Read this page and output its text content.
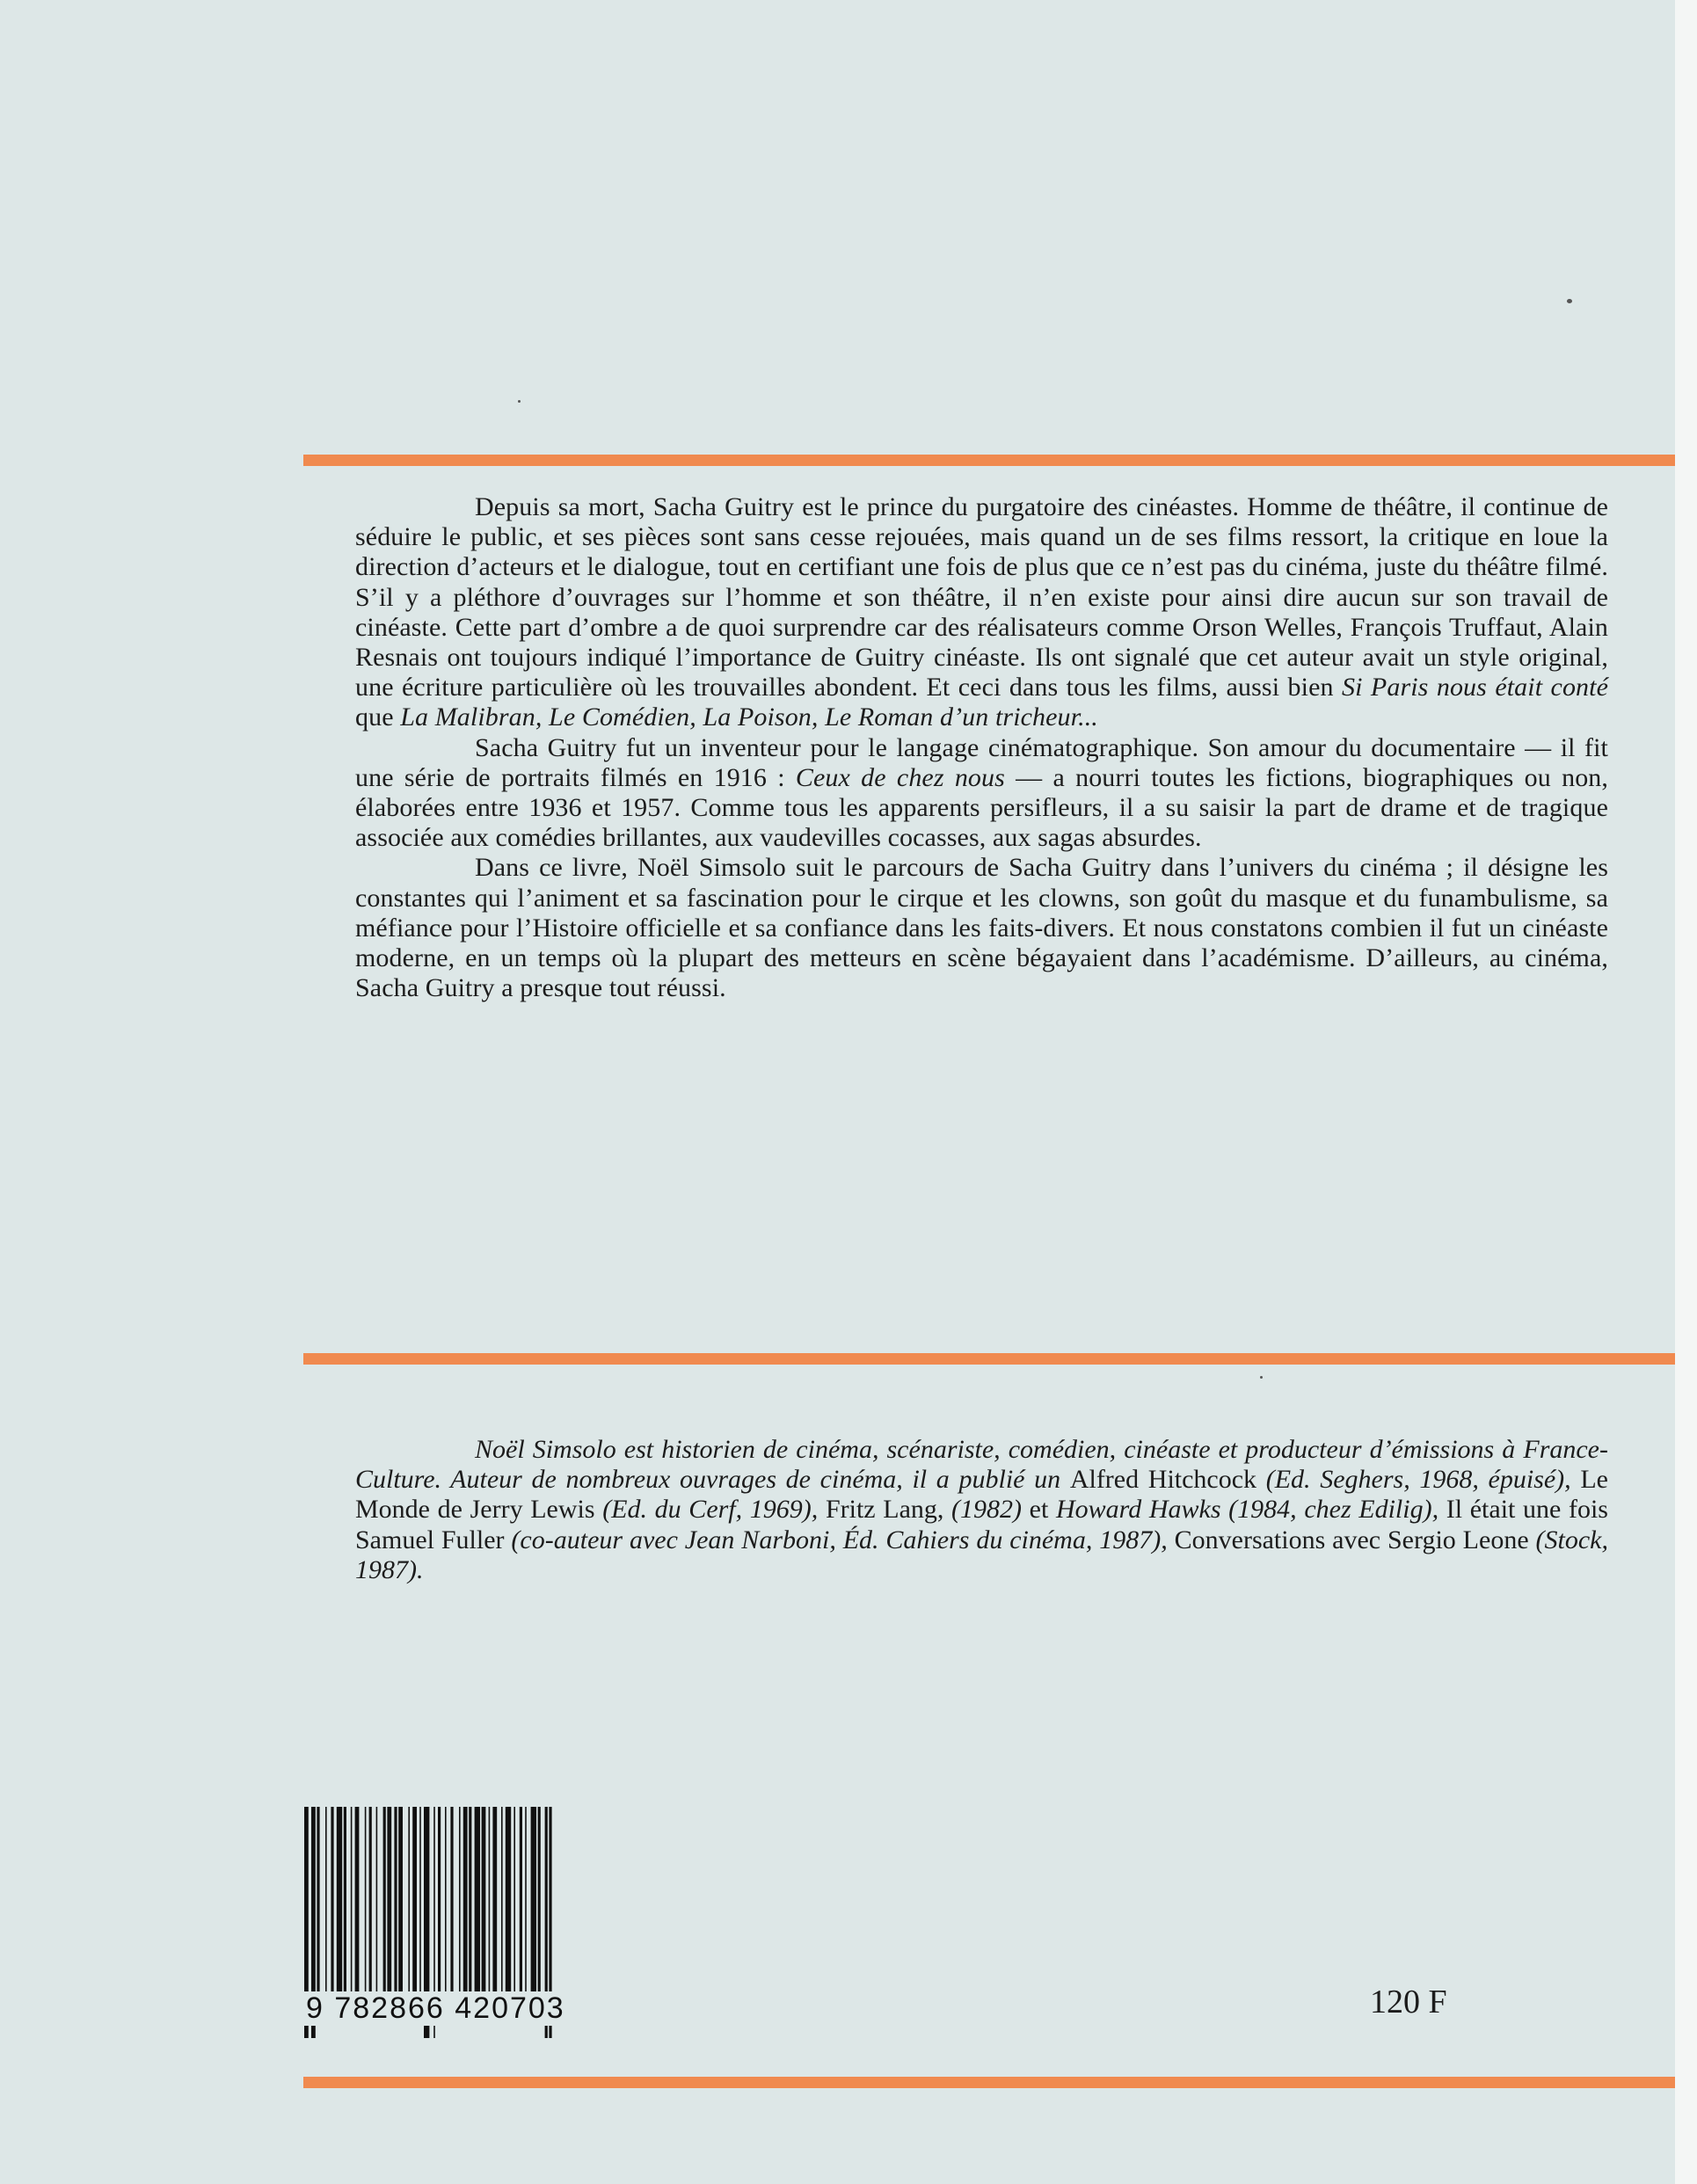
Depuis sa mort, Sacha Guitry est le prince du purgatoire des cinéastes. Homme de théâtre, il continue de séduire le public, et ses pièces sont sans cesse rejouées, mais quand un de ses films ressort, la critique en loue la direction d’acteurs et le dialogue, tout en certifiant une fois de plus que ce n’est pas du cinéma, juste du théâtre filmé. S’il y a pléthore d’ouvrages sur l’homme et son théâtre, il n’en existe pour ainsi dire aucun sur son travail de cinéaste. Cette part d’ombre a de quoi surprendre car des réalisateurs comme Orson Welles, François Truffaut, Alain Resnais ont toujours indiqué l’importance de Guitry cinéaste. Ils ont signalé que cet auteur avait un style original, une écriture particulière où les trouvailles abondent. Et ceci dans tous les films, aussi bien Si Paris nous était conté que La Malibran, Le Comédien, La Poison, Le Roman d’un tricheur...

Sacha Guitry fut un inventeur pour le langage cinématographique. Son amour du documentaire — il fit une série de portraits filmés en 1916 : Ceux de chez nous — a nourri toutes les fictions, biographiques ou non, élaborées entre 1936 et 1957. Comme tous les apparents persifleurs, il a su saisir la part de drame et de tragique associée aux comédies brillantes, aux vaudevilles cocasses, aux sagas absurdes.

Dans ce livre, Noël Simsolo suit le parcours de Sacha Guitry dans l’univers du cinéma ; il désigne les constantes qui l’animent et sa fascination pour le cirque et les clowns, son goût du masque et du funambulisme, sa méfiance pour l’Histoire officielle et sa confiance dans les faits-divers. Et nous constatons combien il fut un cinéaste moderne, en un temps où la plupart des metteurs en scène bégayaient dans l’académisme. D’ailleurs, au cinéma, Sacha Guitry a presque tout réussi.

Noël Simsolo est historien de cinéma, scénariste, comédien, cinéaste et producteur d’émissions à France-Culture. Auteur de nombreux ouvrages de cinéma, il a publié un Alfred Hitchcock (Ed. Seghers, 1968, épuisé), Le Monde de Jerry Lewis (Ed. du Cerf, 1969), Fritz Lang, (1982) et Howard Hawks (1984, chez Edilig), Il était une fois Samuel Fuller (co-auteur avec Jean Narboni, Éd. Cahiers du cinéma, 1987), Conversations avec Sergio Leone (Stock, 1987).

9 782866 420703	120 F
